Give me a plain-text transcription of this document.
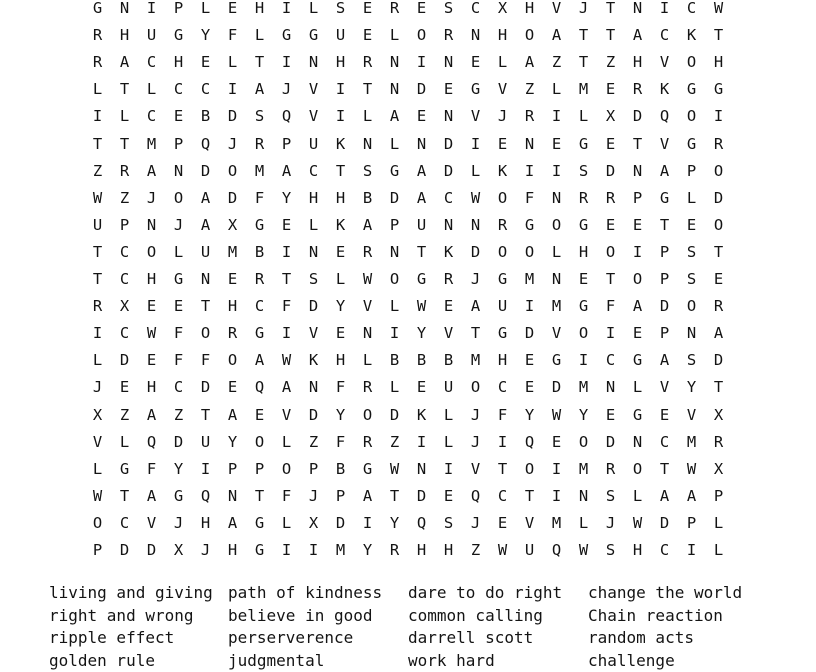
G	N	I	P	L	E	H	I	L	S	E	R	E	S	C	X	H	V	J	T	N	I	C	W
R	H	U	G	Y	F	L	G	G	U	E	L	O	R	N	H	O	A	T	T	A	C	K	T
R	A	C	H	E	L	T	I	N	H	R	N	I	N	E	L	A	Z	T	Z	H	V	O	H
L	T	L	C	C	I	A	J	V	I	T	N	D	E	G	V	Z	L	M	E	R	K	G	G
I	L	C	E	B	D	S	Q	V	I	L	A	E	N	V	J	R	I	L	X	D	Q	O	I
T	T	M	P	Q	J	R	P	U	K	N	L	N	D	I	E	N	E	G	E	T	V	G	R
Z	R	A	N	D	O	M	A	C	T	S	G	A	D	L	K	I	I	S	D	N	A	P	O
W	Z	J	O	A	D	F	Y	H	H	B	D	A	C	W	O	F	N	R	R	P	G	L	D
U	P	N	J	A	X	G	E	L	K	A	P	U	N	N	R	G	O	G	E	E	T	E	O
T	C	O	L	U	M	B	I	N	E	R	N	T	K	D	O	O	L	H	O	I	P	S	T
T	C	H	G	N	E	R	T	S	L	W	O	G	R	J	G	M	N	E	T	O	P	S	E
R	X	E	E	T	H	C	F	D	Y	V	L	W	E	A	U	I	M	G	F	A	D	O	R
I	C	W	F	O	R	G	I	V	E	N	I	Y	V	T	G	D	V	O	I	E	P	N	A
L	D	E	F	F	O	A	W	K	H	L	B	B	B	M	H	E	G	I	C	G	A	S	D
J	E	H	C	D	E	Q	A	N	F	R	L	E	U	O	C	E	D	M	N	L	V	Y	T
X	Z	A	Z	T	A	E	V	D	Y	O	D	K	L	J	F	Y	W	Y	E	G	E	V	X
V	L	Q	D	U	Y	O	L	Z	F	R	Z	I	L	J	I	Q	E	O	D	N	C	M	R
L	G	F	Y	I	P	P	O	P	B	G	W	N	I	V	T	O	I	M	R	O	T	W	X
W	T	A	G	Q	N	T	F	J	P	A	T	D	E	Q	C	T	I	N	S	L	A	A	P
O	C	V	J	H	A	G	L	X	D	I	Y	Q	S	J	E	V	M	L	J	W	D	P	L
P	D	D	X	J	H	G	I	I	M	Y	R	H	H	Z	W	U	Q	W	S	H	C	I	L
living and giving
right and wrong
ripple effect
golden rule
path of kindness
believe in good
perserverence
judgmental
dare to do right
common calling
darrell scott
work hard
change the world
Chain reaction
random acts
challenge
